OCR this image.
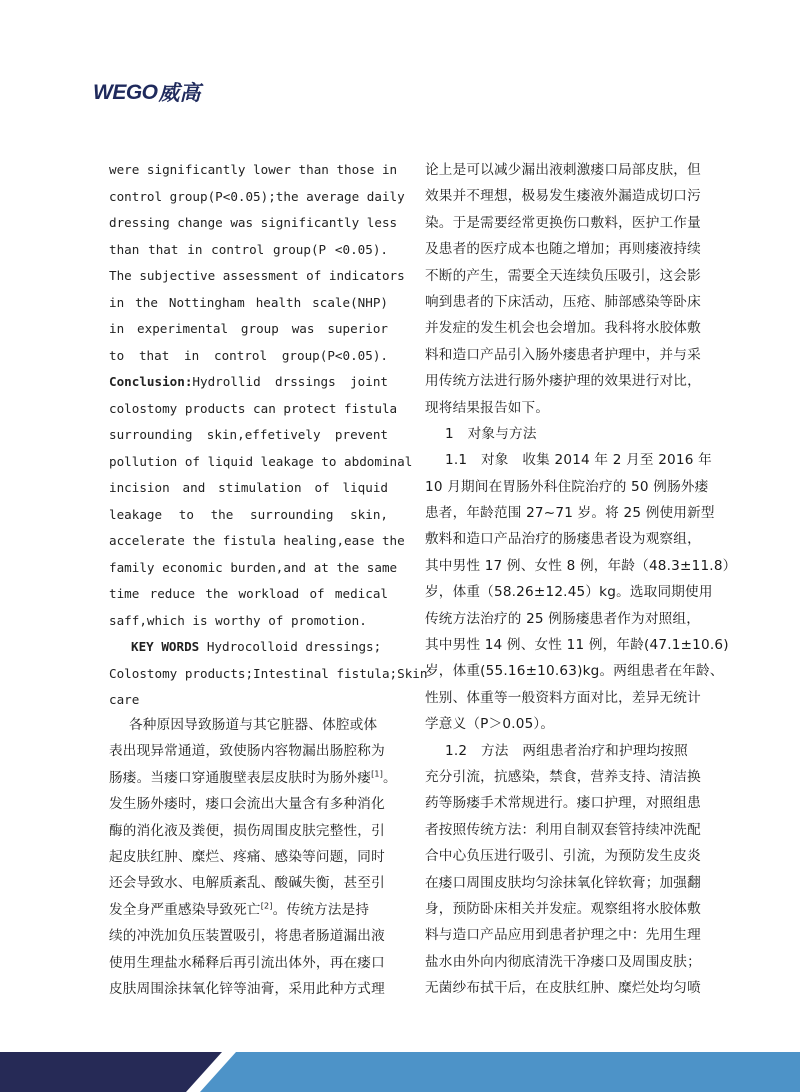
WEGO 威高
were significantly lower than those in
control group(P<0.05);the average daily
dressing change was significantly less
than that in control group(P <0.05).
The subjective assessment of indicators
in the Nottingham health scale(NHP)
in experimental group was superior
to that in control group(P<0.05).
Conclusion:Hydrollid drssings joint
colostomy products can protect fistula
surrounding skin,effetively prevent
pollution of liquid leakage to abdominal
incision and stimulation of liquid
leakage to the surrounding skin,
accelerate the fistula healing,ease the
family economic burden,and at the same
time reduce the workload of medical
saff,which is worthy of promotion.
KEY WORDS Hydrocolloid dressings;
Colostomy products;Intestinal fistula;Skin
care
各种原因导致肠道与其它脏器、体腔或体
表出现异常通道，致使肠内容物漏出肠腔称为
肠瘘。当瘘口穿通腹壁表层皮肤时为肠外瘘[1]。
发生肠外瘘时，瘘口会流出大量含有多种消化
酶的消化液及粪便，损伤周围皮肤完整性，引
起皮肤红肿、糜烂、疼痛、感染等问题，同时
还会导致水、电解质紊乱、酸碱失衡，甚至引
发全身严重感染导致死亡[2]。传统方法是持
续的冲洗加负压装置吸引，将患者肠道漏出液
使用生理盐水稀释后再引流出体外，再在瘘口
皮肤周围涂抹氧化锌等油膏，采用此种方式理
论上是可以减少漏出液刺激瘘口局部皮肤，但
效果并不理想，极易发生瘘液外漏造成切口污
染。于是需要经常更换伤口敷料，医护工作量
及患者的医疗成本也随之增加；再则瘘液持续
不断的产生，需要全天连续负压吸引，这会影
响到患者的下床活动，压疮、肺部感染等卧床
并发症的发生机会也会增加。我科将水胶体敷
料和造口产品引入肠外瘘患者护理中，并与采
用传统方法进行肠外瘘护理的效果进行对比，
现将结果报告如下。
1　对象与方法
1.1　对象　收集 2014 年 2 月至 2016 年
10 月期间在胃肠外科住院治疗的 50 例肠外瘘
患者，年龄范围 27~71 岁。将 25 例使用新型
敷料和造口产品治疗的肠瘘患者设为观察组，
其中男性 17 例、女性 8 例，年龄（48.3±11.8）
岁，体重（58.26±12.45）kg。选取同期使用
传统方法治疗的 25 例肠瘘患者作为对照组，
其中男性 14 例、女性 11 例，年龄(47.1±10.6)
岁，体重(55.16±10.63)kg。两组患者在年龄、
性别、体重等一般资料方面对比，差异无统计
学意义（P＞0.05）。
1.2　方法　两组患者治疗和护理均按照
充分引流，抗感染，禁食，营养支持、清洁换
药等肠瘘手术常规进行。瘘口护理，对照组患
者按照传统方法：利用自制双套管持续冲洗配
合中心负压进行吸引、引流，为预防发生皮炎
在瘘口周围皮肤均匀涂抹氧化锌软膏；加强翻
身，预防卧床相关并发症。观察组将水胶体敷
料与造口产品应用到患者护理之中：先用生理
盐水由外向内彻底清洗干净瘘口及周围皮肤；
无菌纱布拭干后，在皮肤红肿、糜烂处均匀喷
